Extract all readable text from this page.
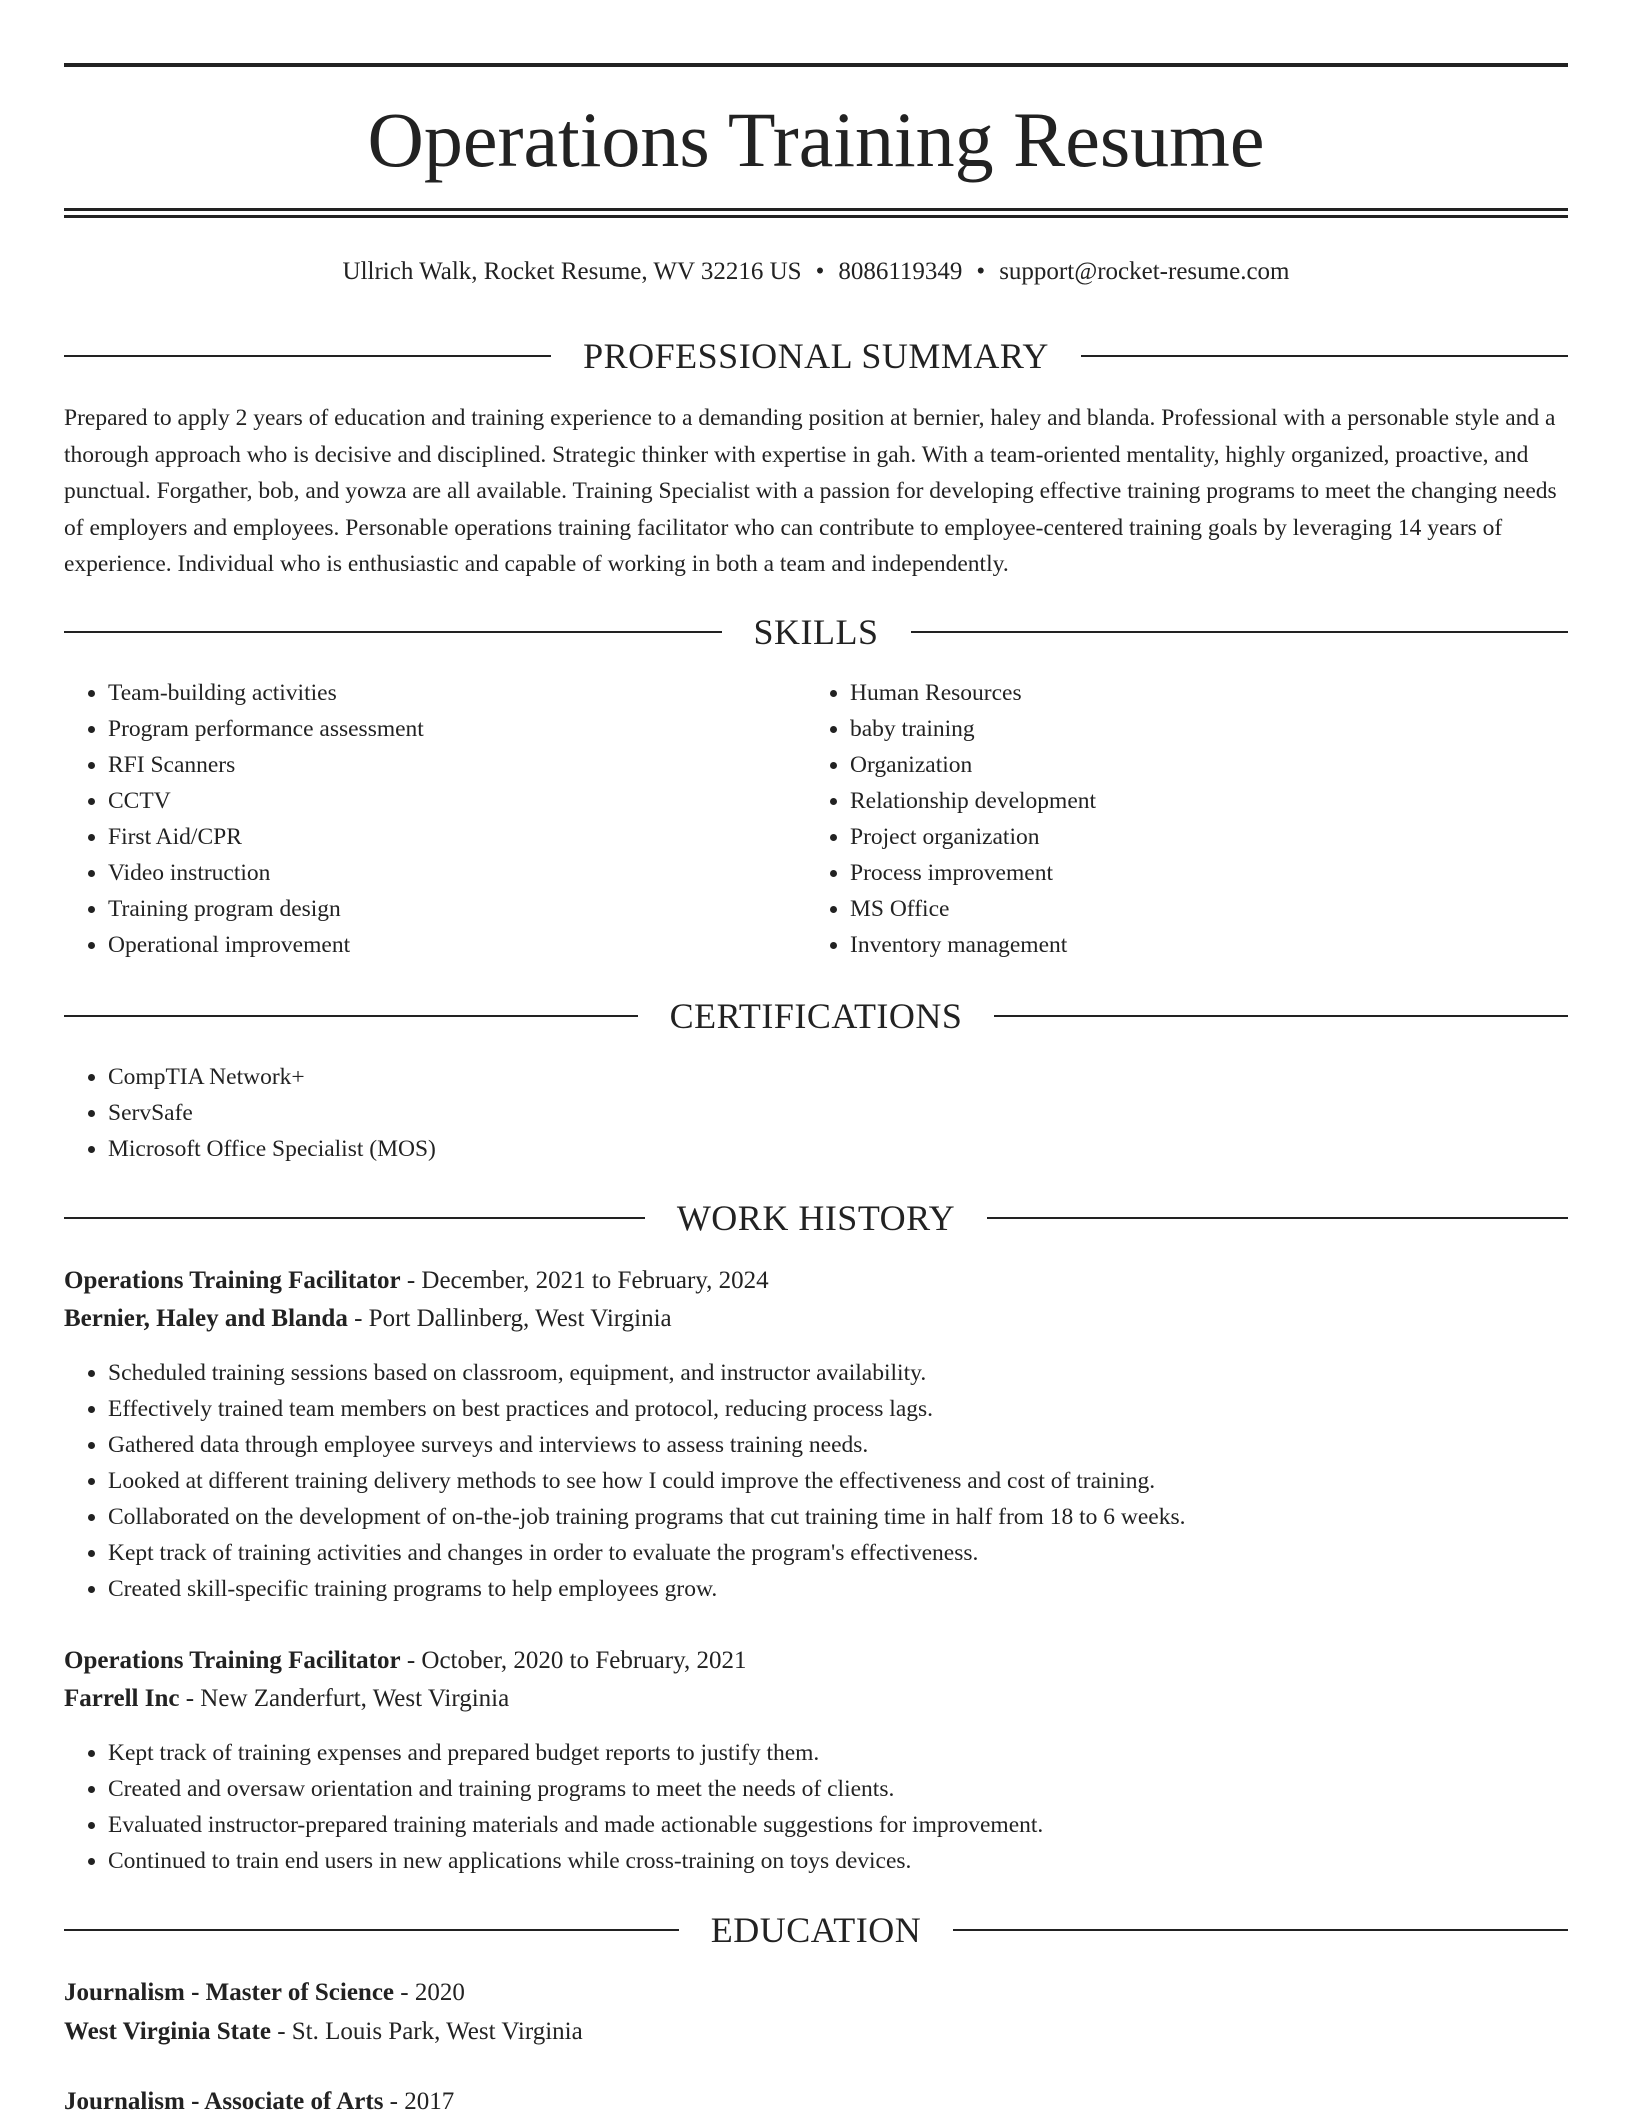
Operations Training Resume
Ullrich Walk, Rocket Resume, WV 32216 US • 8086119349 • support@rocket-resume.com
PROFESSIONAL SUMMARY

Prepared to apply 2 years of education and training experience to a demanding position at bernier, haley and blanda. Professional with a personable style and a thorough approach who is decisive and disciplined. Strategic thinker with expertise in gah. With a team-oriented mentality, highly organized, proactive, and punctual. Forgather, bob, and yowza are all available. Training Specialist with a passion for developing effective training programs to meet the changing needs of employers and employees. Personable operations training facilitator who can contribute to employee-centered training goals by leveraging 14 years of experience. Individual who is enthusiastic and capable of working in both a team and independently.

SKILLS
• Team-building activities
• Program performance assessment
• RFI Scanners
• CCTV
• First Aid/CPR
• Video instruction
• Training program design
• Operational improvement
• Human Resources
• baby training
• Organization
• Relationship development
• Project organization
• Process improvement
• MS Office
• Inventory management
CERTIFICATIONS
• CompTIA Network+
• ServSafe
• Microsoft Office Specialist (MOS)
WORK HISTORY
Operations Training Facilitator - December, 2021 to February, 2024
Bernier, Haley and Blanda - Port Dallinberg, West Virginia
• Scheduled training sessions based on classroom, equipment, and instructor availability.
• Effectively trained team members on best practices and protocol, reducing process lags.
• Gathered data through employee surveys and interviews to assess training needs.
• Looked at different training delivery methods to see how I could improve the effectiveness and cost of training.
• Collaborated on the development of on-the-job training programs that cut training time in half from 18 to 6 weeks.
• Kept track of training activities and changes in order to evaluate the program's effectiveness.
• Created skill-specific training programs to help employees grow.
Operations Training Facilitator - October, 2020 to February, 2021
Farrell Inc - New Zanderfurt, West Virginia
• Kept track of training expenses and prepared budget reports to justify them.
• Created and oversaw orientation and training programs to meet the needs of clients.
• Evaluated instructor-prepared training materials and made actionable suggestions for improvement.
• Continued to train end users in new applications while cross-training on toys devices.
EDUCATION
Journalism - Master of Science - 2020
West Virginia State - St. Louis Park, West Virginia
Journalism - Associate of Arts - 2017
